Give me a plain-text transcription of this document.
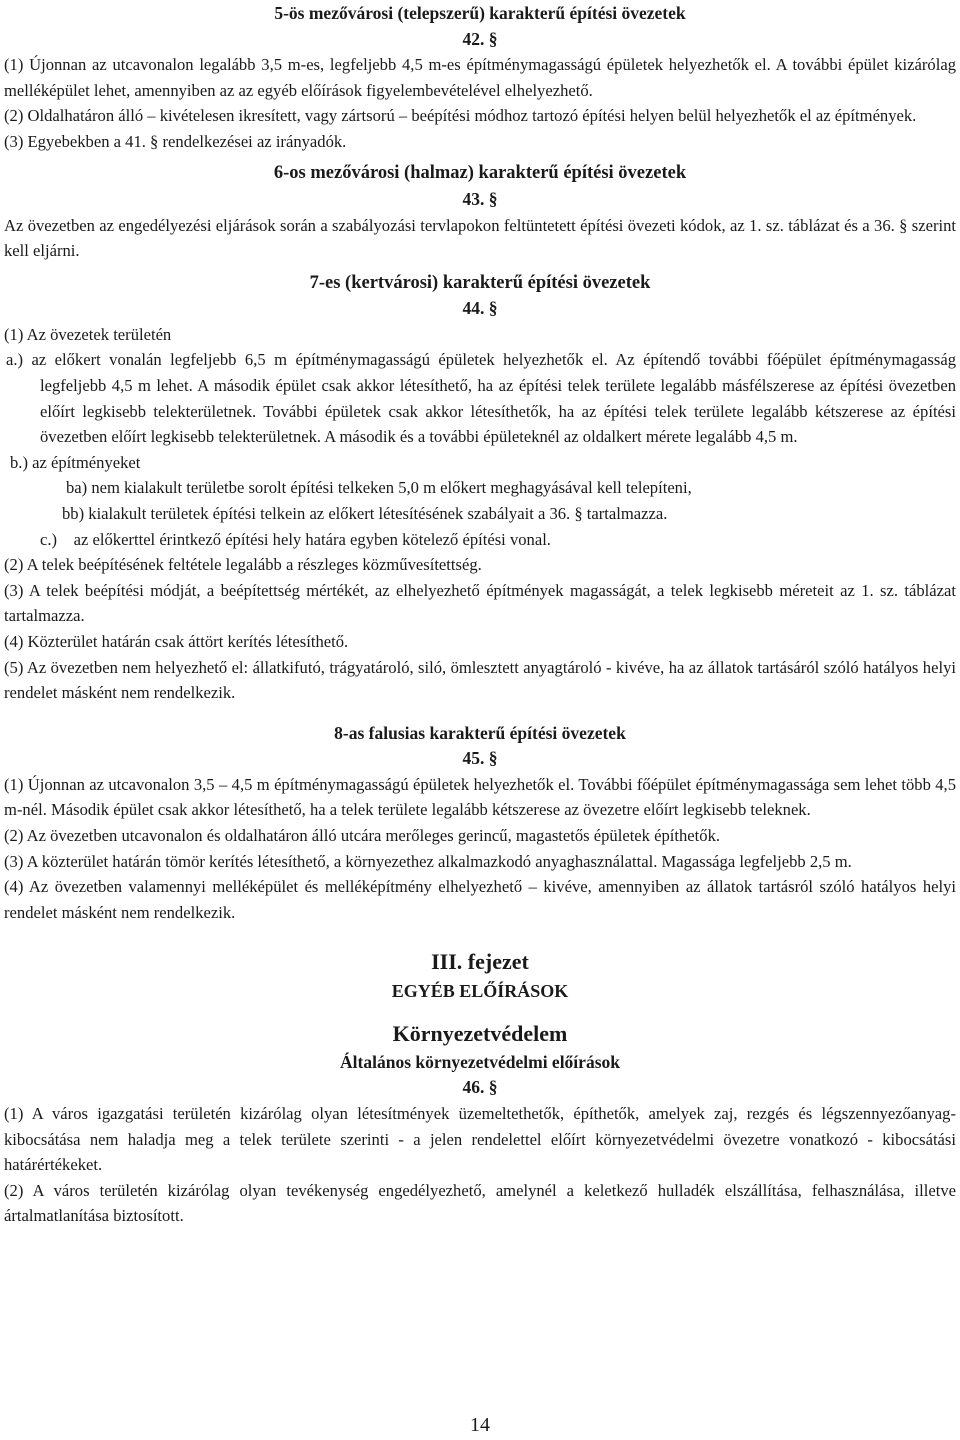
5-ös mezővárosi (telepszerű) karakterű építési övezetek

42. §

(1) Újonnan az utcavonalon legalább 3,5 m-es, legfeljebb 4,5 m-es építménymagasságú épületek helyezhetők el. A további épület kizárólag melléképület lehet, amennyiben az az egyéb előírások figyelembevételével elhelyezhető.

(2) Oldalhatáron álló – kivételesen ikresített, vagy zártsorú – beépítési módhoz tartozó építési helyen belül helyezhetők el az építmények.

(3) Egyebekben a 41. § rendelkezései az irányadók.

6-os mezővárosi (halmaz) karakterű építési övezetek

43. §

Az övezetben az engedélyezési eljárások során a szabályozási tervlapokon feltüntetett építési övezeti kódok, az 1. sz. táblázat és a 36. § szerint kell eljárni.

7-es (kertvárosi) karakterű építési övezetek

44. §

(1) Az övezetek területén

a.) az előkert vonalán legfeljebb 6,5 m építménymagasságú épületek helyezhetők el. Az építendő további főépület építménymagasság legfeljebb 4,5 m lehet. A második épület csak akkor létesíthető, ha az építési telek területe legalább másfélszerese az építési övezetben előírt legkisebb telekterületnek. További épületek csak akkor létesíthetők, ha az építési telek területe legalább kétszerese az építési övezetben előírt legkisebb telekterületnek. A második és a további épületeknél az oldalkert mérete legalább 4,5 m.

b.) az építményeket

ba) nem kialakult területbe sorolt építési telkeken 5,0 m előkert meghagyásával kell telepíteni,

bb) kialakult területek építési telkein az előkert létesítésének szabályait a 36. § tartalmazza.

c.)    az előkerttel érintkező építési hely határa egyben kötelező építési vonal.

(2) A telek beépítésének feltétele legalább a részleges közművesítettség.

(3) A telek beépítési módját, a beépítettség mértékét, az elhelyezhető építmények magasságát, a telek legkisebb méreteit az 1. sz. táblázat tartalmazza.

(4) Közterület határán csak áttört kerítés létesíthető.

(5) Az övezetben nem helyezhető el: állatkifutó, trágyatároló, siló, ömlesztett anyagtároló - kivéve, ha az állatok tartásáról szóló hatályos helyi rendelet másként nem rendelkezik.

8-as falusias karakterű építési övezetek

45. §

(1) Újonnan az utcavonalon 3,5 – 4,5 m építménymagasságú épületek helyezhetők el. További főépület építménymagassága sem lehet több 4,5 m-nél. Második épület csak akkor létesíthető, ha a telek területe legalább kétszerese az övezetre előírt legkisebb teleknek.

(2) Az övezetben utcavonalon és oldalhatáron álló utcára merőleges gerincű, magastetős épületek építhetők.

(3) A közterület határán tömör kerítés létesíthető, a környezethez alkalmazkodó anyaghasználattal. Magassága legfeljebb 2,5 m.

(4) Az övezetben valamennyi melléképület és melléképítmény elhelyezhető – kivéve, amennyiben az állatok tartásról szóló hatályos helyi rendelet másként nem rendelkezik.

III. fejezet

EGYÉB ELŐÍRÁSOK

Környezetvédelem

Általános környezetvédelmi előírások

46. §

(1) A város igazgatási területén kizárólag olyan létesítmények üzemeltethetők, építhetők, amelyek zaj, rezgés és légszennyezőanyag-kibocsátása nem haladja meg a telek területe szerinti - a jelen rendelettel előírt környezetvédelmi övezetre vonatkozó - kibocsátási határértékeket.

(2) A város területén kizárólag olyan tevékenység engedélyezhető, amelynél a keletkező hulladék elszállítása, felhasználása, illetve ártalmatlanítása biztosított.

14
